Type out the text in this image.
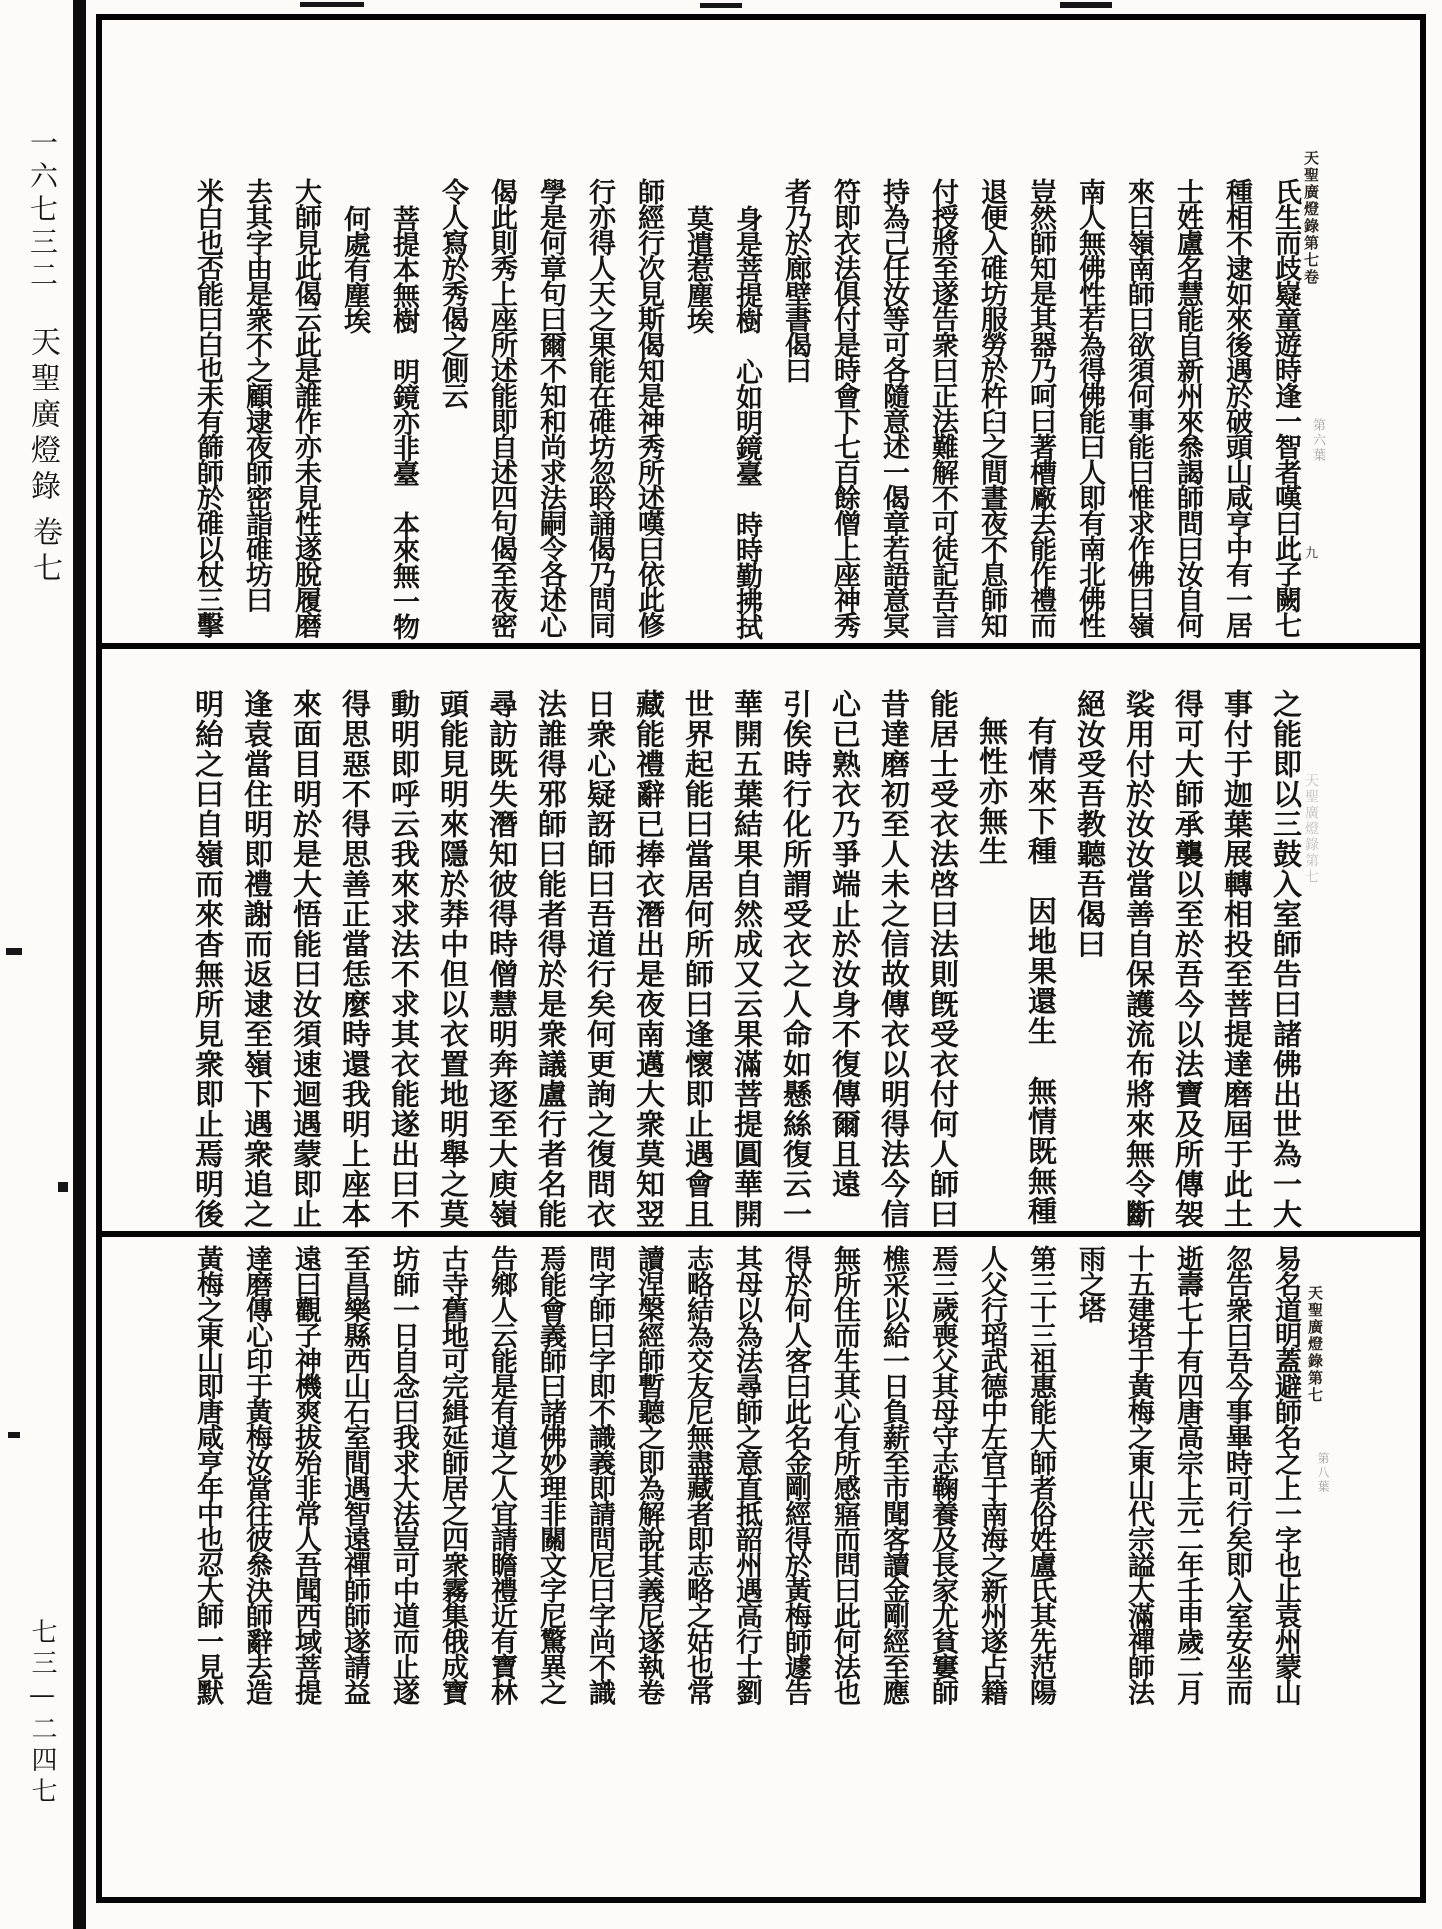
一六七三二
天聖廣燈錄
卷七
七三—二四七
氏生而歧嶷童遊時逢一智者嘆曰此子闕七
種相不逮如來後遇於破頭山咸亨中有一居
士姓盧名慧能自新州來叅謁師問曰汝自何
來曰嶺南師曰欲須何事能曰惟求作佛曰嶺
南人無佛性若為得佛能曰人即有南北佛性
豈然師知是其器乃呵曰著槽廠去能作禮而
退便入碓坊服勞於杵臼之間晝夜不息師知
付授將至遂告衆曰正法難解不可徒記吾言
持為己任汝等可各隨意述一偈章若語意冥
符即衣法俱付是時會下七百餘僧上座神秀
者乃於廊壁書偈曰
身是菩提樹　心如明鏡臺　時時勤拂拭
莫遣惹塵埃
師經行次見斯偈知是神秀所述嘆曰依此修
行亦得人天之果能在碓坊忽聆誦偈乃問同
學是何章句曰爾不知和尚求法嗣令各述心
偈此則秀上座所述能即自述四句偈至夜密
令人寫於秀偈之側云
菩提本無樹　明鏡亦非臺　本來無一物
何處有塵埃
大師見此偈云此是誰作亦未見性遂脫履磨
去其字由是衆不之顧逮夜師密詣碓坊曰
米白也否能曰白也未有篩師於碓以杖三擊	天聖廣燈錄第七卷
第六葉
九
之能即以三鼓入室師告曰諸佛出世為一大
事付于迦葉展轉相投至菩提達磨屆于此土
得可大師承襲以至於吾今以法寶及所傳袈
裟用付於汝汝當善自保護流布將來無令斷
絕汝受吾教聽吾偈曰
有情來下種　因地果還生　無情既無種
無性亦無生
能居士受衣法啓曰法則旣受衣付何人師曰
昔達磨初至人未之信故傳衣以明得法今信
心已熟衣乃爭端止於汝身不復傳爾且遠
引俟時行化所謂受衣之人命如懸絲復云一
華開五葉結果自然成又云果滿菩提圓華開
世界起能曰當居何所師曰逢懷即止遇會且
藏能禮辭已捧衣潛出是夜南邁大衆莫知翌
日衆心疑訝師曰吾道行矣何更詢之復問衣
法誰得邪師曰能者得於是衆議盧行者名能
尋訪既失潛知彼得時僧慧明奔逐至大庾嶺
頭能見明來隱於莽中但以衣置地明舉之莫
動明即呼云我來求法不求其衣能遂出曰不
得思惡不得思善正當恁麼時還我明上座本
來面目明於是大悟能曰汝須速迴遇蒙即止
逢袁當住明即禮謝而返逮至嶺下遇衆追之
明紿之曰自嶺而來杳無所見衆即止焉明後	天聖廣燈錄第七
易名道明蓋避師名之上一字也止袁州蒙山
忽告衆曰吾今事畢時可行矣即入室安坐而
逝壽七十有四唐高宗上元二年壬申歲二月
十五建塔于黃梅之東山代宗謚大滿禪師法
雨之塔
第三十三祖惠能大師者俗姓盧氏其先范陽
人父行瑫武德中左官于南海之新州遂占籍
焉三歲喪父其母守志鞠養及長家尤貧窶師
樵采以給一日負薪至市聞客讀金剛經至應
無所住而生其心有所感寤而問曰此何法也
得於何人客曰此名金剛經得於黃梅師遽告
其母以為法尋師之意直抵韶州遇高行士劉
志略結為交友尼無盡藏者即志略之姑也常
讀涅槃經師暫聽之即為解說其義尼遂執卷
問字師曰字即不識義即請問尼曰字尚不識
焉能會義師曰諸佛妙理非關文字尼驚異之
告鄉人云能是有道之人宜請瞻禮近有寶林
古寺舊地可完緝延師居之四衆霧集俄成寶
坊師一日自念曰我求大法豈可中道而止遂
至昌樂縣西山石室間遇智遠禪師師遂請益
遠曰觀子神機爽拔殆非常人吾聞西域菩提
達磨傳心印于黃梅汝當往彼叅決師辭去造
黃梅之東山即唐咸亨年中也忍大師一見默	天聖廣燈錄第七
第八葉
